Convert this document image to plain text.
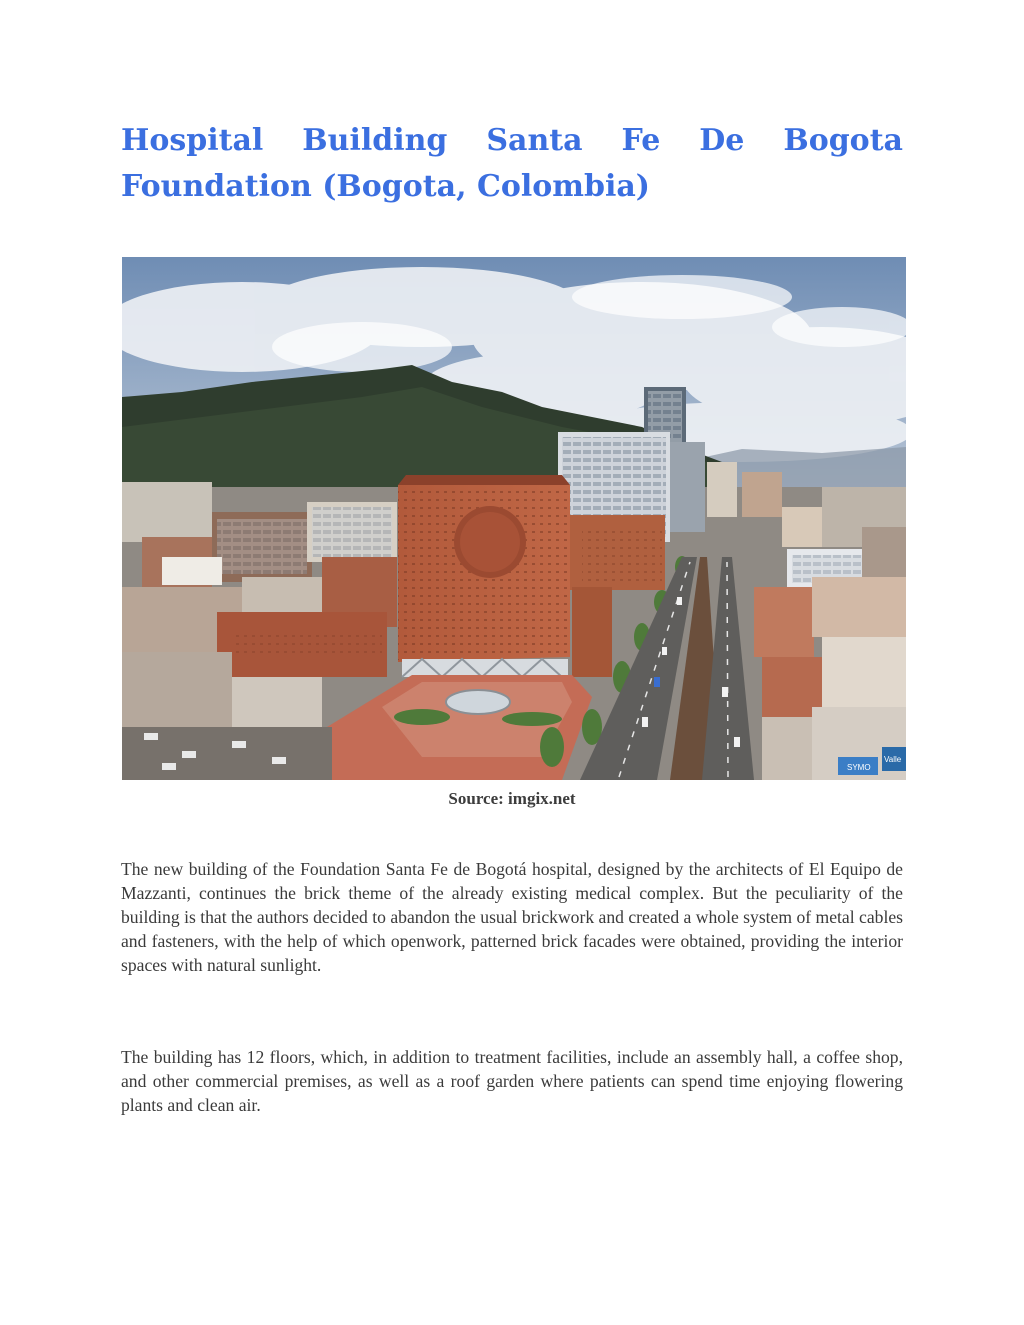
Hospital Building Santa Fe De Bogota Foundation (Bogota, Colombia)
SYMO
Valle
Source: imgix.net

The new building of the Foundation Santa Fe de Bogotá hospital, designed by the architects of El Equipo de Mazzanti, continues the brick theme of the already existing medical complex. But the peculiarity of the building is that the authors decided to abandon the usual brickwork and created a whole system of metal cables and fasteners, with the help of which openwork, patterned brick facades were obtained, providing the interior spaces with natural sunlight.

The building has 12 floors, which, in addition to treatment facilities, include an assembly hall, a coffee shop, and other commercial premises, as well as a roof garden where patients can spend time enjoying flowering plants and clean air.
